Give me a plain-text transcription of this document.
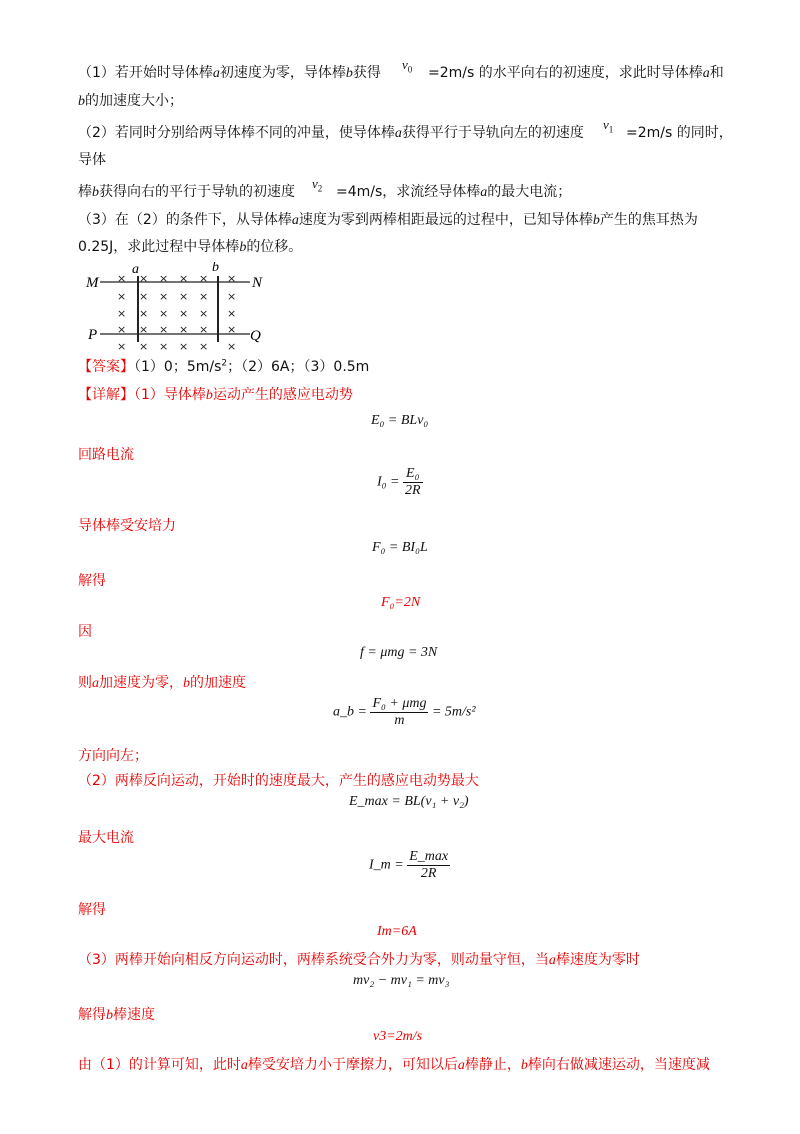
（1）若开始时导体棒a初速度为零，导体棒b获得
$v_0 =2m/s$ 的水平向右的初速度，求此时导体棒a和
b的加速度大小；
（2）若同时分别给两导体棒不同的冲量，使导体棒a获得平行于导轨向左的初速度
$v_1 =2m/s$ 的同时，
导体
棒b获得向右的平行于导轨的初速度
$v_2 =4m/s$，求流经导体棒a的最大电流；
（3）在（2）的条件下，从导体棒a速度为零到两棒相距最远的过程中，已知导体棒b产生的焦耳热为
0.25J，求此过程中导体棒b的位移。
M	N
P	Q
a	b
× × × × × ×
× × × × × ×
× × × × × ×
× × × × × ×
× × × × × ×
【答案】（1）0；$5m/s^2$；（2）6A；（3）0.5m
【详解】（1）导体棒b运动产生的感应电动势
E₀ = BLv₀
回路电流
$I_0 = \frac{\text{E₀}}{2R}$
导体棒受安培力
F₀ = BI₀L
解得
F₀=2N
因
f = μmg = 3N
则a加速度为零，b的加速度
a_b = $\frac{\text{F₀ + μmg}}{m} = 5m/s^2$
方向向左；
（2）两棒反向运动，开始时的速度最大，产生的感应电动势最大
E_max = BL(v₁ + v₂)
最大电流
I_m = $\frac{E\_\max}{2R}$
解得
Im=6A
（3）两棒开始向相反方向运动时，两棒系统受合外力为零，则动量守恒，当a棒速度为零时
mv₂ − mv₁ = mv₃
解得b棒速度
v3=2m/s
由（1）的计算可知，此时a棒受安培力小于摩擦力，可知以后a棒静止，b棒向右做减速运动，当速度减
